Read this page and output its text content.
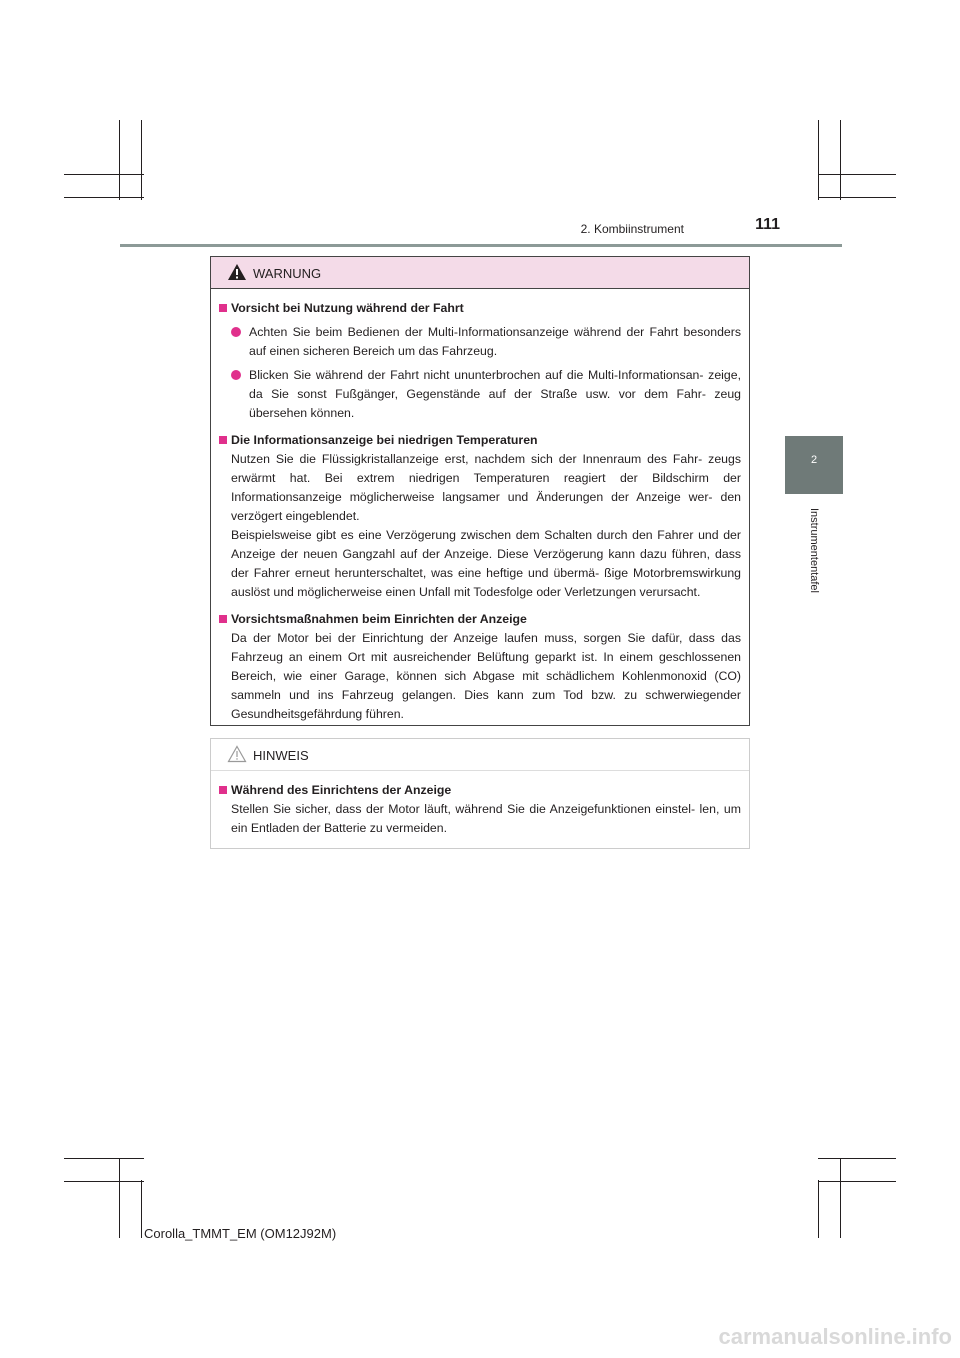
2. Kombiinstrument	111
2
Instrumententafel
WARNUNG
Vorsicht bei Nutzung während der Fahrt
Achten Sie beim Bedienen der Multi-Informationsanzeige während der Fahrt besonders auf einen sicheren Bereich um das Fahrzeug.
Blicken Sie während der Fahrt nicht ununterbrochen auf die Multi-Informationsan- zeige, da Sie sonst Fußgänger, Gegenstände auf der Straße usw. vor dem Fahr- zeug übersehen können.
Die Informationsanzeige bei niedrigen Temperaturen
Nutzen Sie die Flüssigkristallanzeige erst, nachdem sich der Innenraum des Fahr- zeugs erwärmt hat. Bei extrem niedrigen Temperaturen reagiert der Bildschirm der Informationsanzeige möglicherweise langsamer und Änderungen der Anzeige wer- den verzögert eingeblendet.
Beispielsweise gibt es eine Verzögerung zwischen dem Schalten durch den Fahrer und der Anzeige der neuen Gangzahl auf der Anzeige. Diese Verzögerung kann dazu führen, dass der Fahrer erneut herunterschaltet, was eine heftige und übermä- ßige Motorbremswirkung auslöst und möglicherweise einen Unfall mit Todesfolge oder Verletzungen verursacht.
Vorsichtsmaßnahmen beim Einrichten der Anzeige
Da der Motor bei der Einrichtung der Anzeige laufen muss, sorgen Sie dafür, dass das Fahrzeug an einem Ort mit ausreichender Belüftung geparkt ist. In einem geschlossenen Bereich, wie einer Garage, können sich Abgase mit schädlichem Kohlenmonoxid (CO) sammeln und ins Fahrzeug gelangen. Dies kann zum Tod bzw. zu schwerwiegender Gesundheitsgefährdung führen.
HINWEIS
Während des Einrichtens der Anzeige
Stellen Sie sicher, dass der Motor läuft, während Sie die Anzeigefunktionen einstel- len, um ein Entladen der Batterie zu vermeiden.
Corolla_TMMT_EM (OM12J92M)
carmanualsonline.info
